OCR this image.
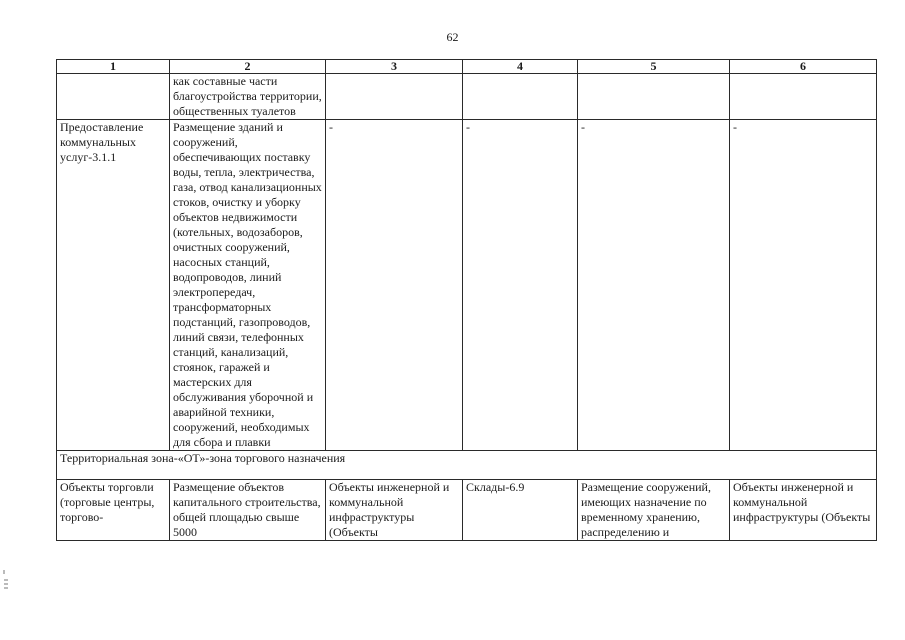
62
1	2	3	4	5	6
	как составные части благоустройства территории, общественных туалетов				
Предоставление коммунальных услуг-3.1.1	Размещение зданий и сооружений, обеспечивающих поставку воды, тепла, электричества, газа, отвод канализационных стоков, очистку и уборку объектов недвижимости (котельных, водозаборов, очистных сооружений, насосных станций, водопроводов, линий электропередач, трансформаторных подстанций, газопроводов, линий связи, телефонных станций, канализаций, стоянок, гаражей и мастерских для обслуживания уборочной и аварийной техники, сооружений, необходимых для сбора и плавки	-	-	-	-
Территориальная зона-«ОТ»-зона торгового назначения					

Объекты торговли (торговые центры, торгово-	Размещение объектов капитального строительства, общей площадью свыше 5000	Объекты инженерной и коммунальной инфраструктуры (Объекты	Склады-6.9	Размещение сооружений, имеющих назначение по временному хранению, распределению и	Объекты инженерной и коммунальной инфраструктуры (Объекты
